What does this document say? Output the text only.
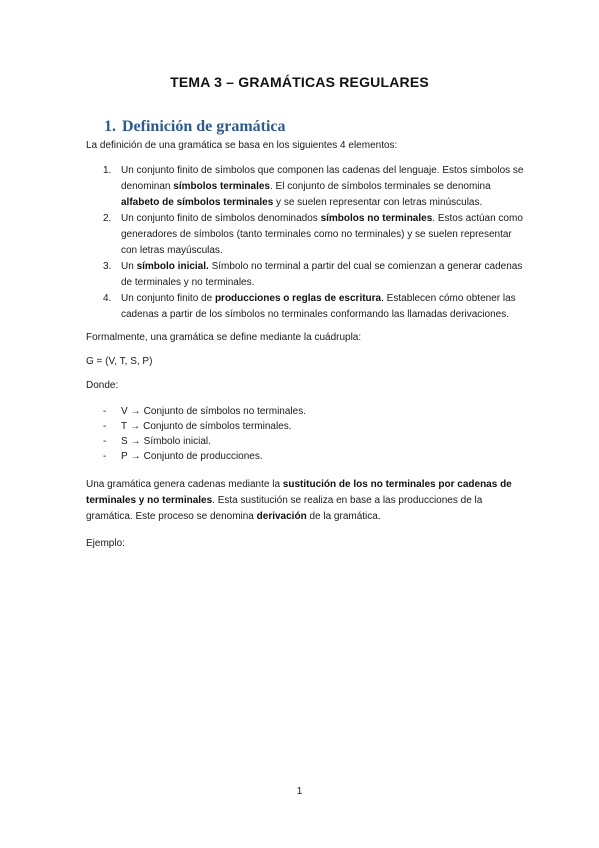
TEMA 3 – GRAMÁTICAS REGULARES
1. Definición de gramática

La definición de una gramática se basa en los siguientes 4 elementos:

1. Un conjunto finito de símbolos que componen las cadenas del lenguaje. Estos símbolos se denominan símbolos terminales. El conjunto de símbolos terminales se denomina alfabeto de símbolos terminales y se suelen representar con letras minúsculas.
2. Un conjunto finito de símbolos denominados símbolos no terminales. Estos actúan como generadores de símbolos (tanto terminales como no terminales) y se suelen representar con letras mayúsculas.
3. Un símbolo inicial. Símbolo no terminal a partir del cual se comienzan a generar cadenas de terminales y no terminales.
4. Un conjunto finito de producciones o reglas de escritura. Establecen cómo obtener las cadenas a partir de los símbolos no terminales conformando las llamadas derivaciones.

Formalmente, una gramática se define mediante la cuádrupla:

G = (V, T, S, P)

Donde:

- V → Conjunto de símbolos no terminales.
- T → Conjunto de símbolos terminales.
- S → Símbolo inicial.
- P → Conjunto de producciones.

Una gramática genera cadenas mediante la sustitución de los no terminales por cadenas de terminales y no terminales. Esta sustitución se realiza en base a las producciones de la gramática. Este proceso se denomina derivación de la gramática.

Ejemplo:

1
